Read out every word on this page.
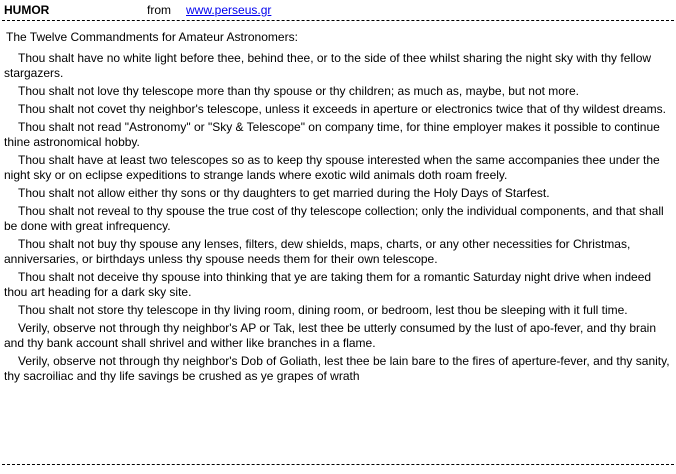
HUMOR	from www.perseus.gr

The Twelve Commandments for Amateur Astronomers:

Thou shalt have no white light before thee, behind thee, or to the side of thee whilst sharing the night sky with thy fellow stargazers.

Thou shalt not love thy telescope more than thy spouse or thy children; as much as, maybe, but not more.

Thou shalt not covet thy neighbor's telescope, unless it exceeds in aperture or electronics twice that of thy wildest dreams.

Thou shalt not read "Astronomy" or "Sky & Telescope" on company time, for thine employer makes it possible to continue thine astronomical hobby.

Thou shalt have at least two telescopes so as to keep thy spouse interested when the same accompanies thee under the night sky or on eclipse expeditions to strange lands where exotic wild animals doth roam freely.

Thou shalt not allow either thy sons or thy daughters to get married during the Holy Days of Starfest.

Thou shalt not reveal to thy spouse the true cost of thy telescope collection; only the individual components, and that shall be done with great infrequency.

Thou shalt not buy thy spouse any lenses, filters, dew shields, maps, charts, or any other necessities for Christmas, anniversaries, or birthdays unless thy spouse needs them for their own telescope.

Thou shalt not deceive thy spouse into thinking that ye are taking them for a romantic Saturday night drive when indeed thou art heading for a dark sky site.

Thou shalt not store thy telescope in thy living room, dining room, or bedroom, lest thou be sleeping with it full time.

Verily, observe not through thy neighbor's AP or Tak, lest thee be utterly consumed by the lust of apo-fever, and thy brain and thy bank account shall shrivel and wither like branches in a flame.

Verily, observe not through thy neighbor's Dob of Goliath, lest thee be lain bare to the fires of aperture-fever, and thy sanity, thy sacroiliac and thy life savings be crushed as ye grapes of wrath
